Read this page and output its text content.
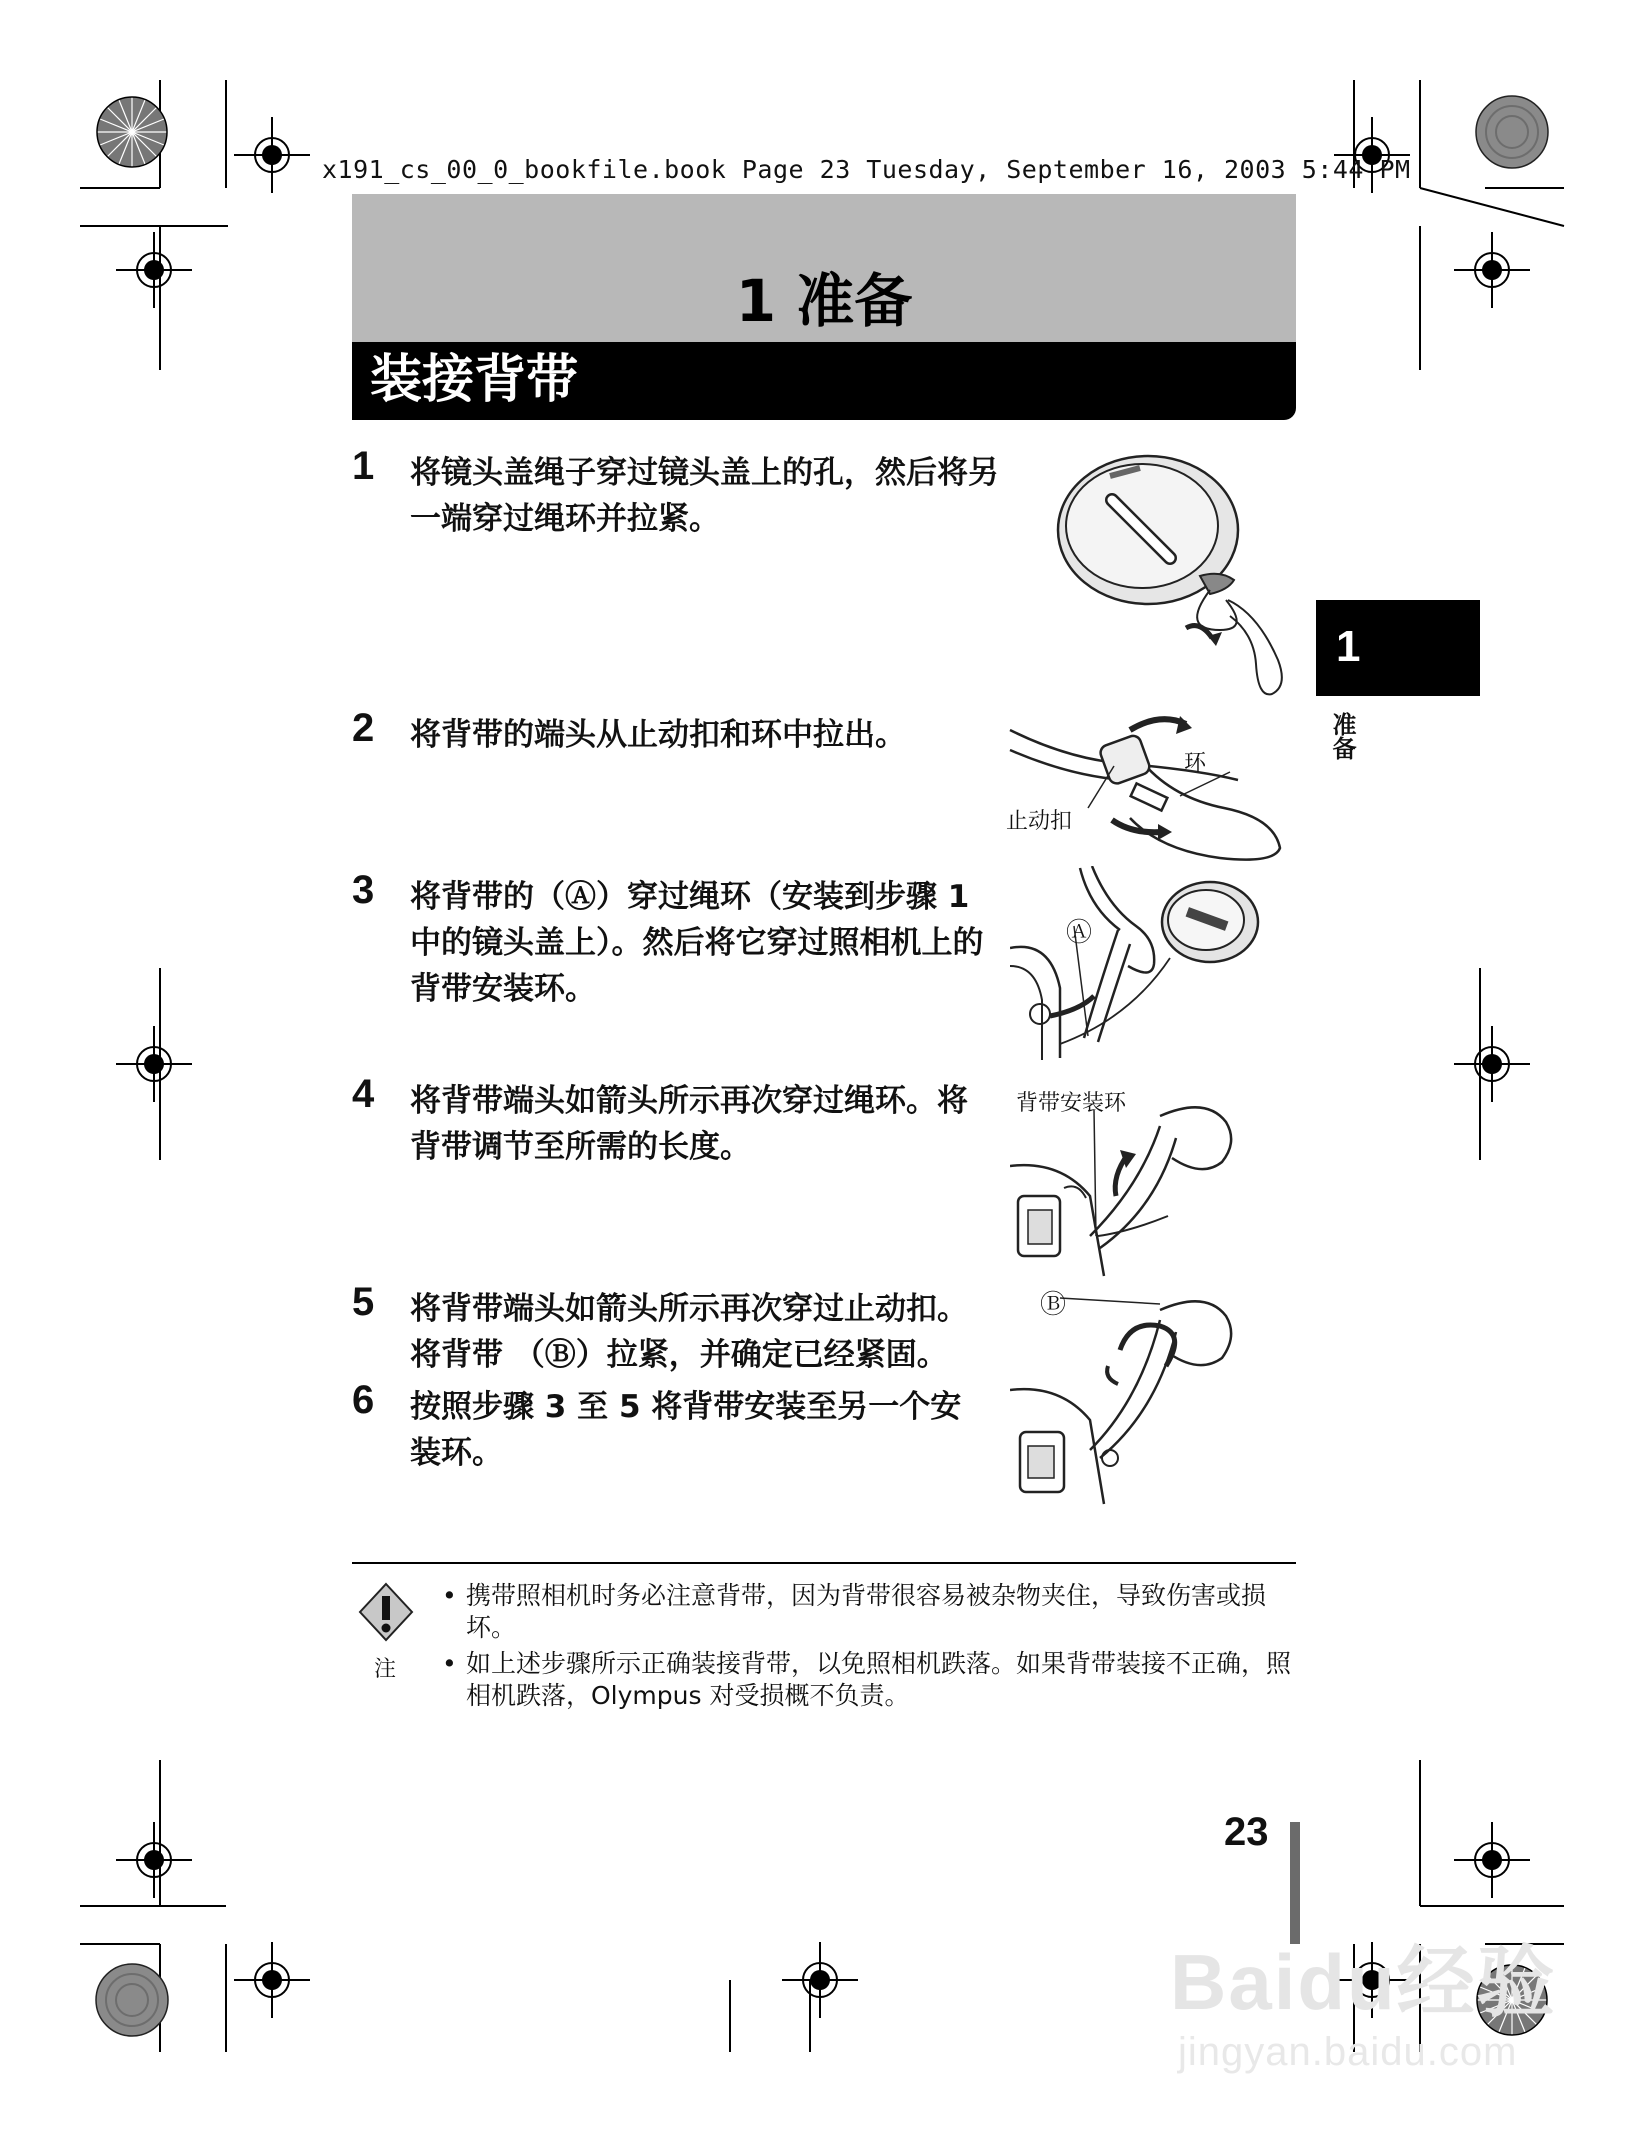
x191_cs_00_0_bookfile.book Page 23 Tuesday, September 16, 2003 5:44 PM
1 准备
装接背带
1
准备
1 将镜头盖绳子穿过镜头盖上的孔，然后将另一端穿过绳环并拉紧。
2 将背带的端头从止动扣和环中拉出。
3 将背带的（Ⓐ）穿过绳环（安装到步骤 1 中的镜头盖上）。然后将它穿过照相机上的背带安装环。
4 将背带端头如箭头所示再次穿过绳环。将背带调节至所需的长度。
5 将背带端头如箭头所示再次穿过止动扣。将背带 （Ⓑ）拉紧，并确定已经紧固。
6 按照步骤 3 至 5 将背带安装至另一个安装环。
环
止动扣
Ⓐ
背带安装环
Ⓑ
注
• 携带照相机时务必注意背带，因为背带很容易被杂物夹住，导致伤害或损坏。
• 如上述步骤所示正确装接背带，以免照相机跌落。如果背带装接不正确，照相机跌落，Olympus 对受损概不负责。
23
Baidu经验
jingyan.baidu.com
